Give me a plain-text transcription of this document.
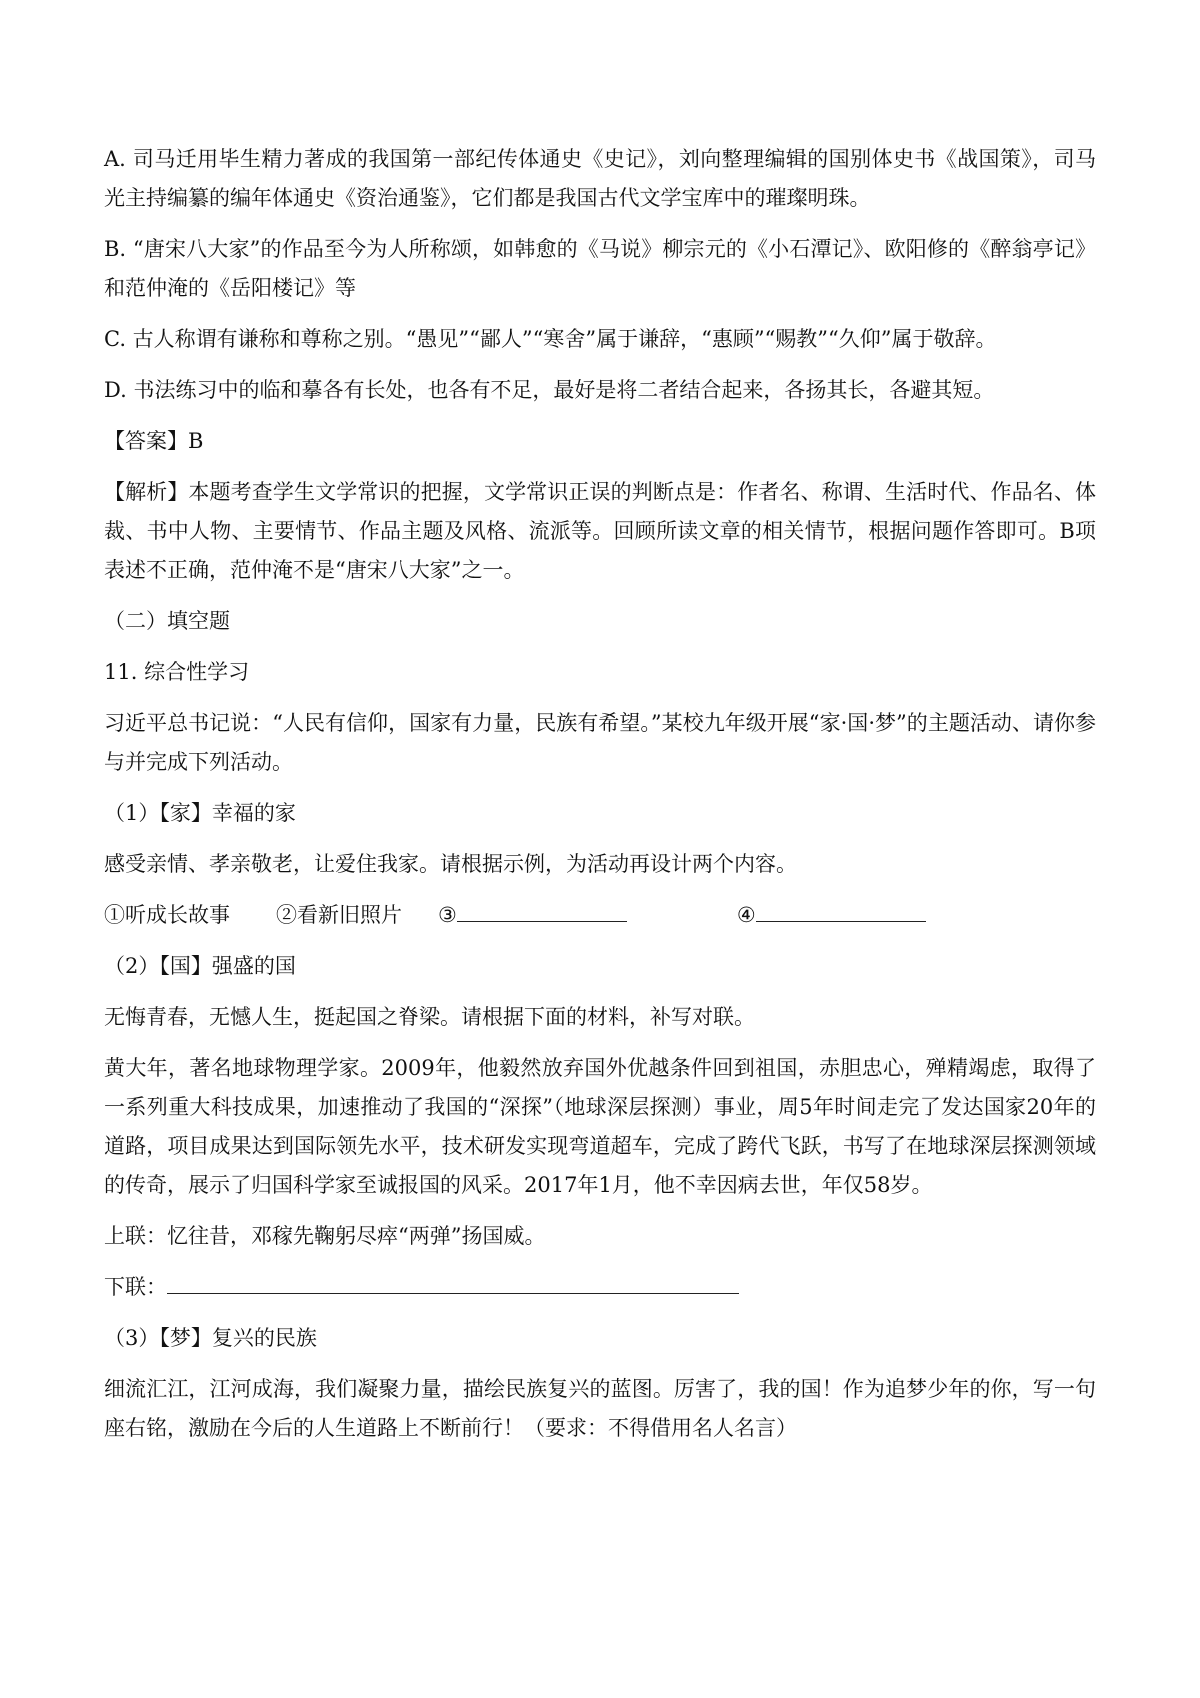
A. 司马迁用毕生精力著成的我国第一部纪传体通史《史记》，刘向整理编辑的国别体史书《战国策》，司马光主持编纂的编年体通史《资治通鉴》，它们都是我国古代文学宝库中的璀璨明珠。

B. “唐宋八大家”的作品至今为人所称颂，如韩愈的《马说》柳宗元的《小石潭记》、欧阳修的《醉翁亭记》和范仲淹的《岳阳楼记》等

C. 古人称谓有谦称和尊称之别。“愚见”“鄙人”“寒舍”属于谦辞，“惠顾”“赐教”“久仰”属于敬辞。

D. 书法练习中的临和摹各有长处，也各有不足，最好是将二者结合起来，各扬其长，各避其短。

【答案】B

【解析】本题考查学生文学常识的把握，文学常识正误的判断点是：作者名、称谓、生活时代、作品名、体裁、书中人物、主要情节、作品主题及风格、流派等。回顾所读文章的相关情节，根据问题作答即可。B项表述不正确，范仲淹不是“唐宋八大家”之一。

（二）填空题

11. 综合性学习

习近平总书记说：“人民有信仰，国家有力量，民族有希望。”某校九年级开展“家·国·梦”的主题活动、请你参与并完成下列活动。

（1）【家】幸福的家

感受亲情、孝亲敬老，让爱住我家。请根据示例，为活动再设计两个内容。

①听成长故事 ②看新旧照片 ③	④

（2）【国】强盛的国

无悔青春，无憾人生，挺起国之脊梁。请根据下面的材料，补写对联。

黄大年，著名地球物理学家。2009年，他毅然放弃国外优越条件回到祖国，赤胆忠心，殚精竭虑，取得了一系列重大科技成果，加速推动了我国的“深探”（地球深层探测）事业，周5年时间走完了发达国家20年的道路，项目成果达到国际领先水平，技术研发实现弯道超车，完成了跨代飞跃，书写了在地球深层探测领域的传奇，展示了归国科学家至诚报国的风采。2017年1月，他不幸因病去世，年仅58岁。

上联：忆往昔，邓稼先鞠躬尽瘁“两弹”扬国威。

下联：

（3）【梦】复兴的民族

细流汇江，江河成海，我们凝聚力量，描绘民族复兴的蓝图。厉害了，我的国！作为追梦少年的你，写一句座右铭，激励在今后的人生道路上不断前行！（要求：不得借用名人名言）
